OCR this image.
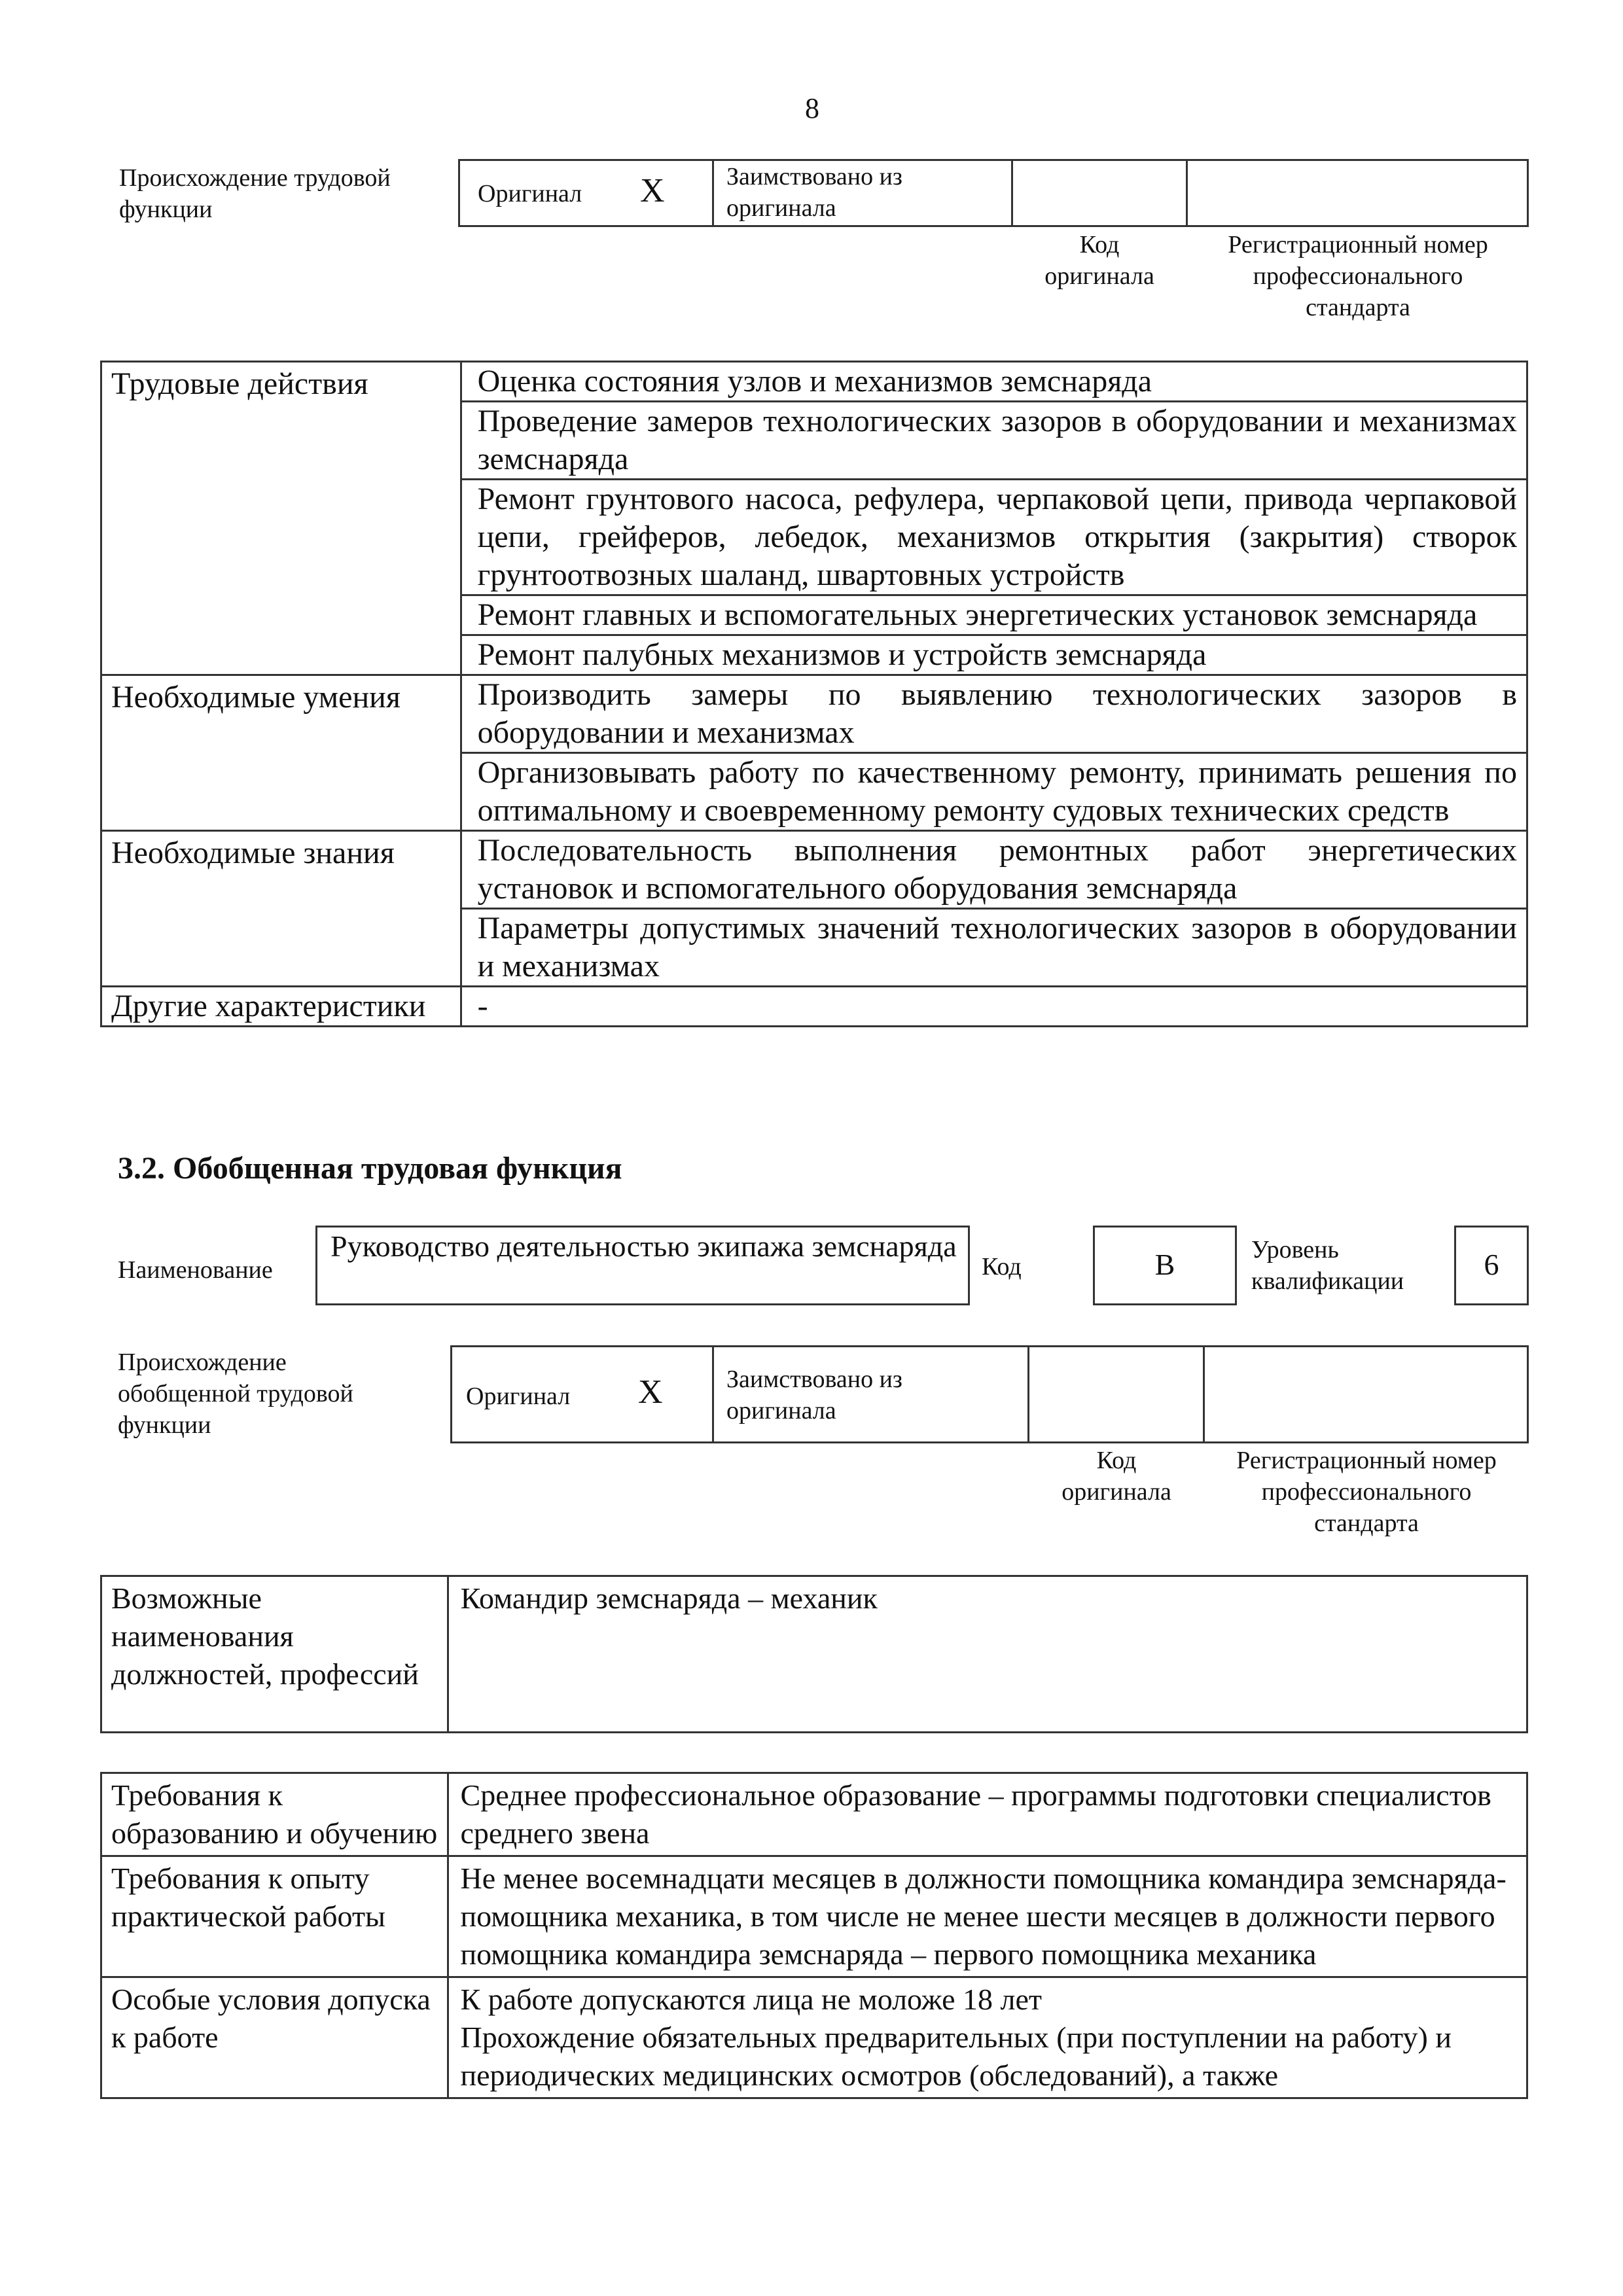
8
Происхождение трудовой функции
Оригинал X Заимствовано из оригинала
Код оригинала
Регистрационный номер профессионального стандарта
Трудовые действия	Оценка состояния узлов и механизмов земснаряда
	Проведение замеров технологических зазоров в оборудовании и механизмах земснаряда
	Ремонт грунтового насоса, рефулера, черпаковой цепи, привода черпаковой цепи, грейферов, лебедок, механизмов открытия (закрытия) створок грунтоотвозных шаланд, швартовных устройств
	Ремонт главных и вспомогательных энергетических установок земснаряда
	Ремонт палубных механизмов и устройств земснаряда
Необходимые умения	Производить замеры по выявлению технологических зазоров в оборудовании и механизмах
	Организовывать работу по качественному ремонту, принимать решения по оптимальному и своевременному ремонту судовых технических средств
Необходимые знания	Последовательность выполнения ремонтных работ энергетических установок и вспомогательного оборудования земснаряда
	Параметры допустимых значений технологических зазоров в оборудовании и механизмах
Другие характеристики	-
3.2. Обобщенная трудовая функция
Наименование
Руководство деятельностью экипажа земснаряда
Код	B	Уровень квалификации	6
Происхождение обобщенной трудовой функции
Оригинал X	Заимствовано из оригинала
Код оригинала
Регистрационный номер профессионального стандарта
Возможные наименования должностей, профессий	Командир земснаряда – механик
Требования к образованию и обучению	Среднее профессиональное образование – программы подготовки специалистов среднего звена
Требования к опыту практической работы	Не менее восемнадцати месяцев в должности помощника командира земснаряда-помощника механика, в том числе не менее шести месяцев в должности первого помощника командира земснаряда – первого помощника механика
Особые условия допуска к работе	К работе допускаются лица не моложе 18 лет
Прохождение обязательных предварительных (при поступлении на работу) и периодических медицинских осмотров (обследований), а также
